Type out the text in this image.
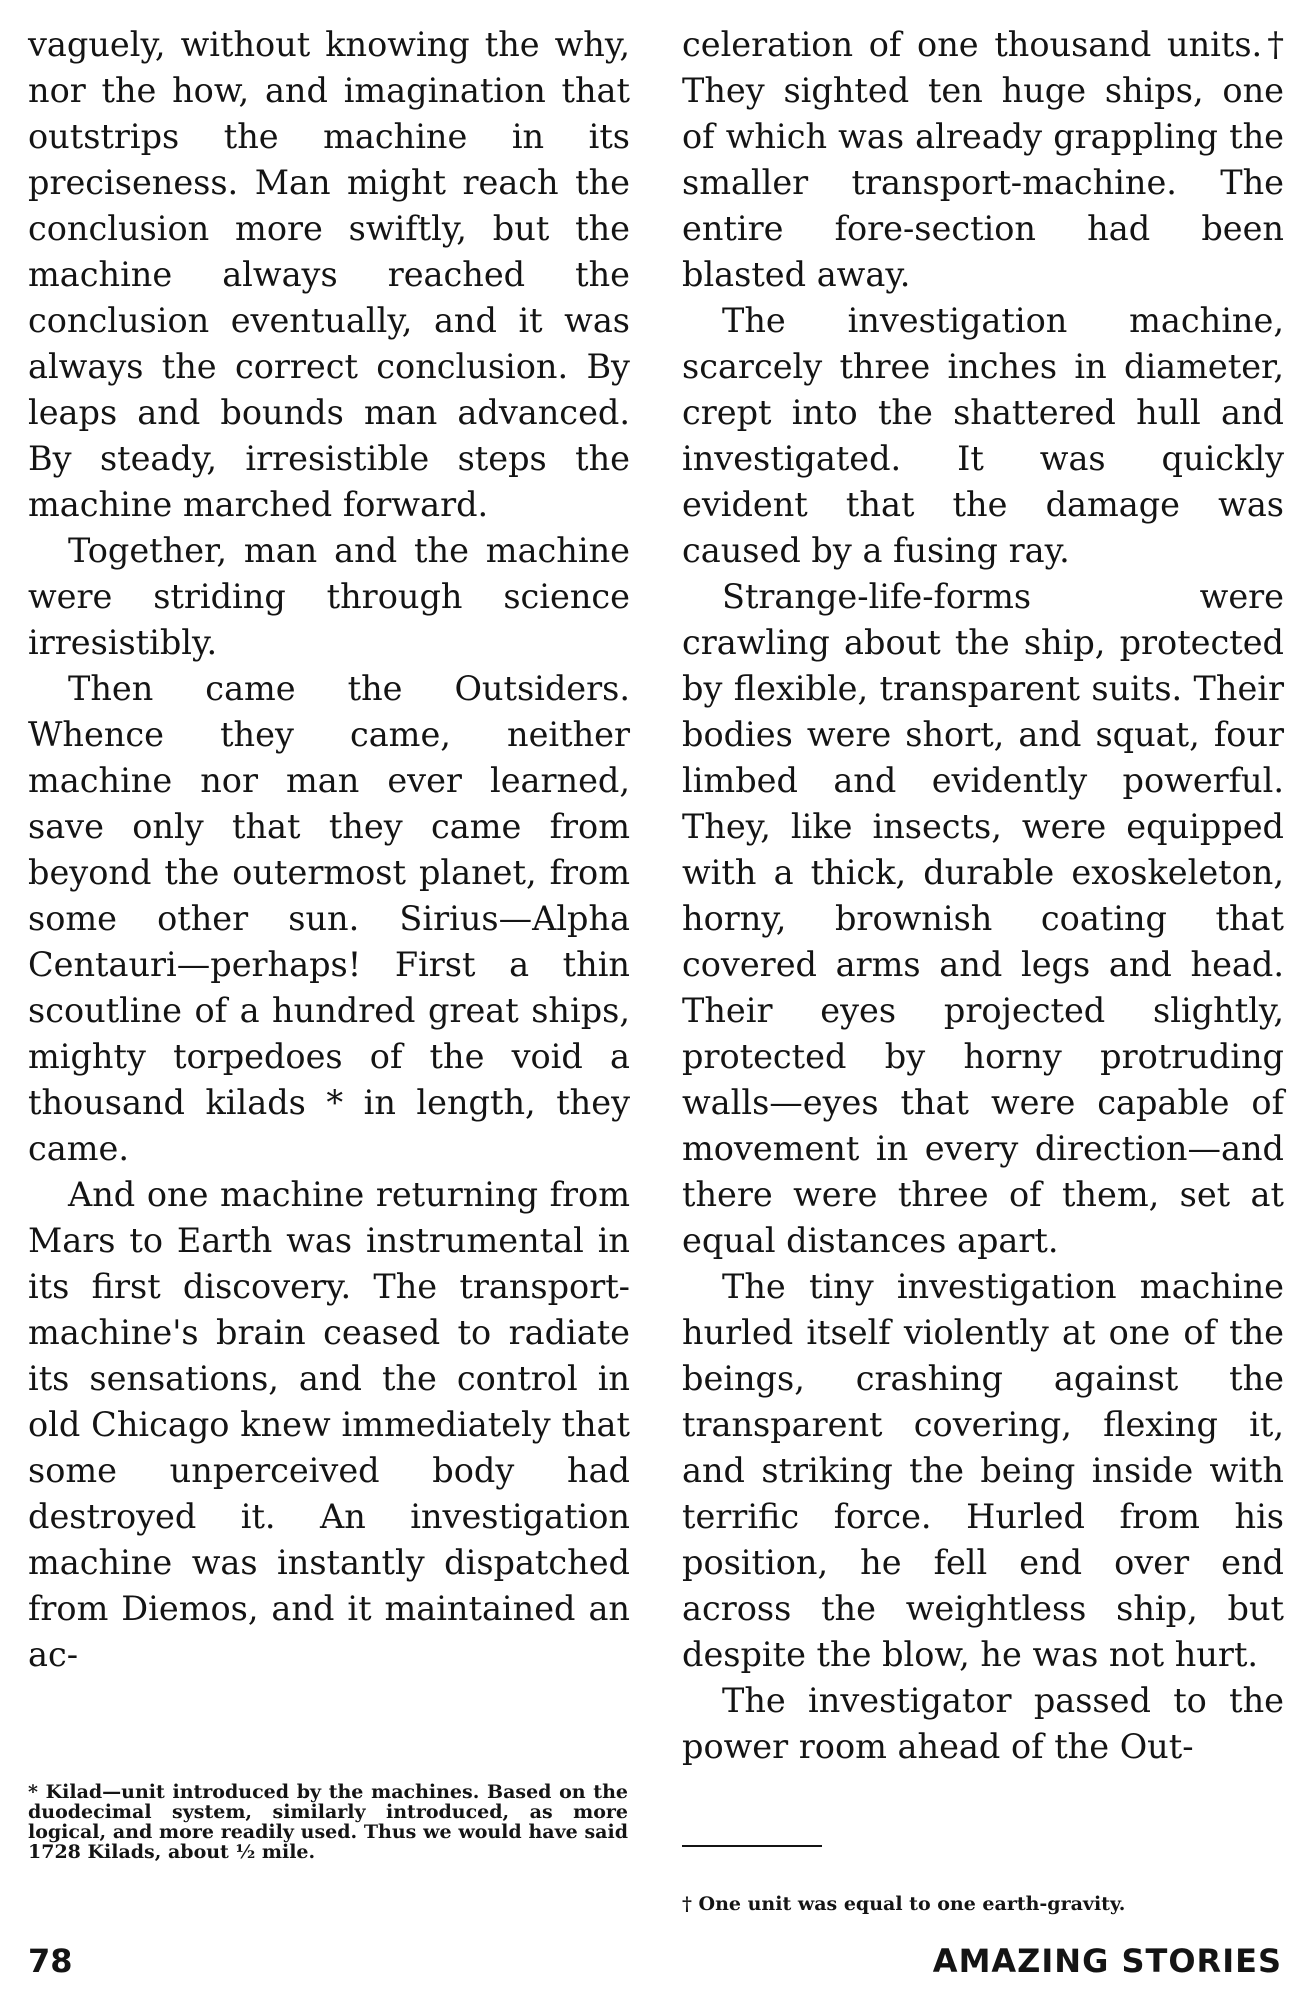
vaguely, without knowing the why, nor the how, and imagination that outstrips the machine in its preciseness. Man might reach the conclusion more swiftly, but the machine always reached the conclusion eventually, and it was always the correct conclusion. By leaps and bounds man advanced. By steady, irresistible steps the machine marched forward.

Together, man and the machine were striding through science irresistibly.

Then came the Outsiders. Whence they came, neither machine nor man ever learned, save only that they came from beyond the outermost planet, from some other sun. Sirius—Alpha Centauri—perhaps! First a thin scoutline of a hundred great ships, mighty torpedoes of the void a thousand kilads * in length, they came.

And one machine returning from Mars to Earth was instrumental in its first discovery. The transport-machine's brain ceased to radiate its sensations, and the control in old Chicago knew immediately that some unperceived body had destroyed it. An investigation machine was instantly dispatched from Diemos, and it maintained an ac-

* Kilad—unit introduced by the machines. Based on the duodecimal system, similarly introduced, as more logical, and more readily used. Thus we would have said 1728 Kilads, about ½ mile.

celeration of one thousand units.† They sighted ten huge ships, one of which was already grappling the smaller transport-machine. The entire fore-section had been blasted away.

The investigation machine, scarcely three inches in diameter, crept into the shattered hull and investigated. It was quickly evident that the damage was caused by a fusing ray.

Strange-life-forms were crawling about the ship, protected by flexible, transparent suits. Their bodies were short, and squat, four limbed and evidently powerful. They, like insects, were equipped with a thick, durable exoskeleton, horny, brownish coating that covered arms and legs and head. Their eyes projected slightly, protected by horny protruding walls—eyes that were capable of movement in every direction—and there were three of them, set at equal distances apart.

The tiny investigation machine hurled itself violently at one of the beings, crashing against the transparent covering, flexing it, and striking the being inside with terrific force. Hurled from his position, he fell end over end across the weightless ship, but despite the blow, he was not hurt.

The investigator passed to the power room ahead of the Out-

† One unit was equal to one earth-gravity.

78	AMAZING STORIES
